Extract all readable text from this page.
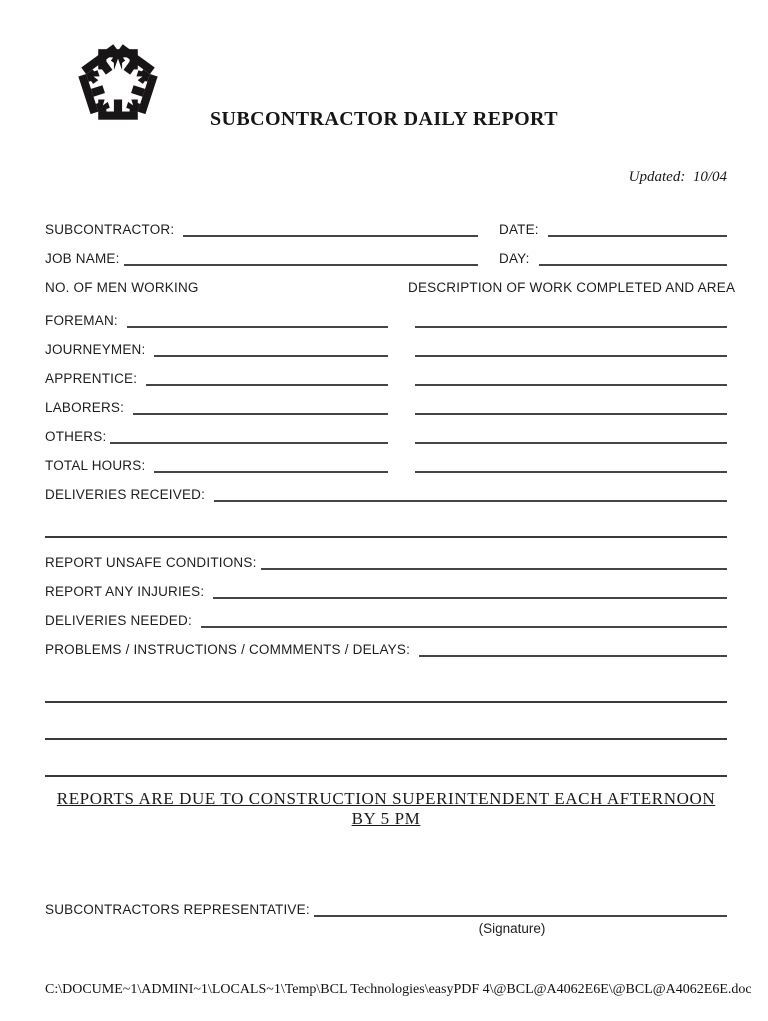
SUBCONTRACTOR DAILY REPORT
Updated:  10/04
SUBCONTRACTOR:	DATE:
JOB NAME:	DAY:
NO. OF MEN WORKING	DESCRIPTION OF WORK COMPLETED AND AREA
FOREMAN:
JOURNEYMEN:
APPRENTICE:
LABORERS:
OTHERS:
TOTAL HOURS:
DELIVERIES RECEIVED:
REPORT UNSAFE CONDITIONS:
REPORT ANY INJURIES:
DELIVERIES NEEDED:
PROBLEMS / INSTRUCTIONS / COMMMENTS / DELAYS:
REPORTS ARE DUE TO CONSTRUCTION SUPERINTENDENT EACH AFTERNOON BY 5 PM
SUBCONTRACTORS REPRESENTATIVE:
(Signature)
C:\DOCUME~1\ADMINI~1\LOCALS~1\Temp\BCL Technologies\easyPDF 4\@BCL@A4062E6E\@BCL@A4062E6E.doc
